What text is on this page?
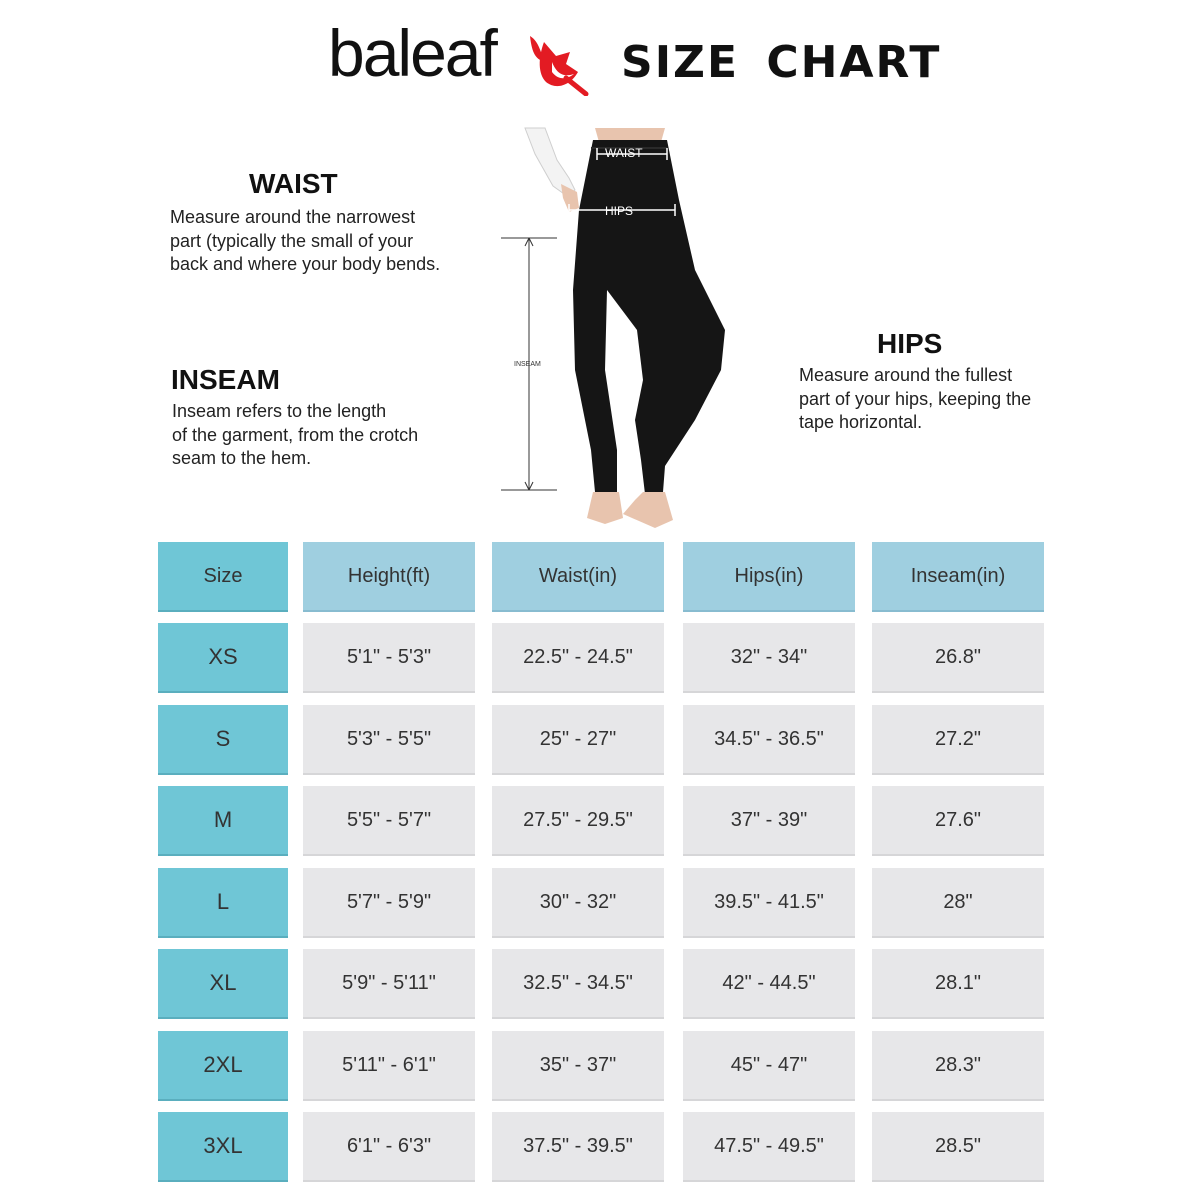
baleaf	SIZE CHART
WAIST
Measure around the narrowest
part (typically the small of your
back and where your body bends.
INSEAM
Inseam refers to the length
of the garment, from the crotch
seam to the hem.
HIPS
Measure around the fullest
part of your hips, keeping the
tape horizontal.
WAIST
HIPS
INSEAM
Size	Height(ft)	Waist(in)	Hips(in)	Inseam(in)
XS	5'1" - 5'3"	22.5" - 24.5"	32" - 34"	26.8"
S	5'3" - 5'5"	25" - 27"	34.5" - 36.5"	27.2"
M	5'5" - 5'7"	27.5" - 29.5"	37" - 39"	27.6"
L	5'7" - 5'9"	30" - 32"	39.5" - 41.5"	28"
XL	5'9" - 5'11"	32.5" - 34.5"	42" - 44.5"	28.1"
2XL	5'11" - 6'1"	35" - 37"	45" - 47"	28.3"
3XL	6'1" - 6'3"	37.5" - 39.5"	47.5" - 49.5"	28.5"
